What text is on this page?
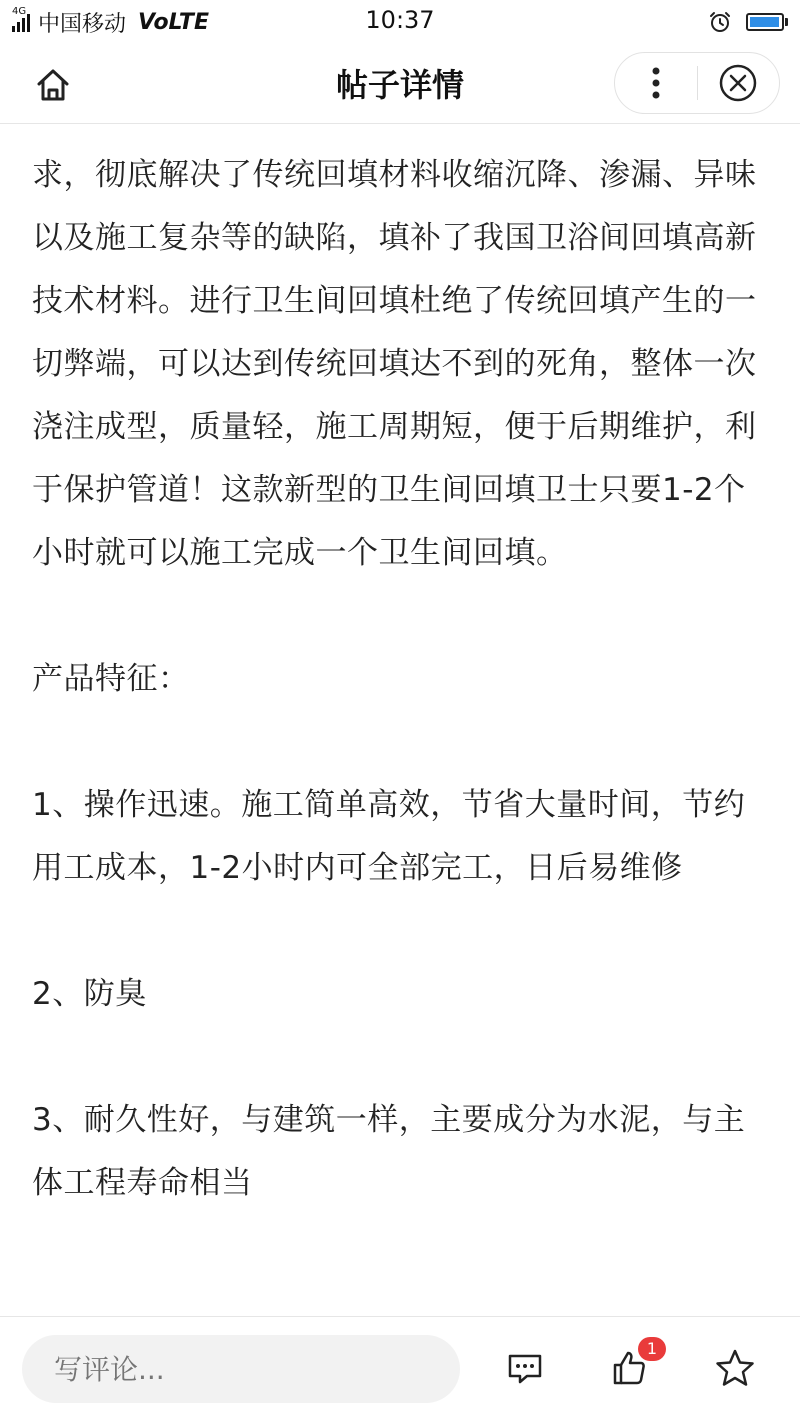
4G 中国移动 VoLTE	10:37
帖子详情

求，彻底解决了传统回填材料收缩沉降、渗漏、异味以及施工复杂等的缺陷，填补了我国卫浴间回填高新技术材料。进行卫生间回填杜绝了传统回填产生的一切弊端，可以达到传统回填达不到的死角，整体一次浇注成型，质量轻，施工周期短，便于后期维护，利于保护管道！这款新型的卫生间回填卫士只要1-2个小时就可以施工完成一个卫生间回填。

产品特征：

1、操作迅速。施工简单高效，节省大量时间，节约用工成本，1-2小时内可全部完工，日后易维修

2、防臭

3、耐久性好，与建筑一样，主要成分为水泥，与主体工程寿命相当

写评论...
1
